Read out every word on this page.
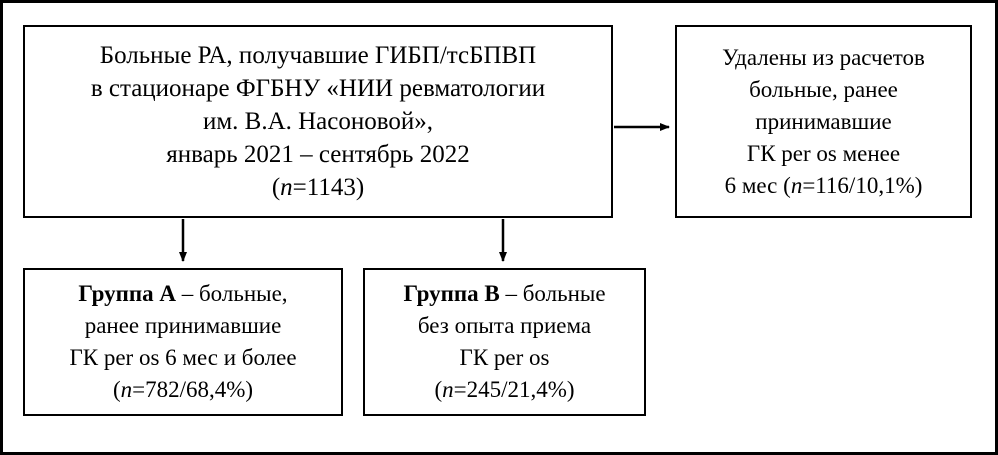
Больные РА, получавшие ГИБП/тсБПВП
в стационаре ФГБНУ «НИИ ревматологии
им. В.А. Насоновой»,
январь 2021 – сентябрь 2022
(n=1143)
Удалены из расчетов
больные, ранее
принимавшие
ГК per os менее
6 мес (n=116/10,1%)
Группа А – больные,
ранее принимавшие
ГК per os 6 мес и более
(n=782/68,4%)
Группа В – больные
без опыта приема
ГК per os
(n=245/21,4%)
